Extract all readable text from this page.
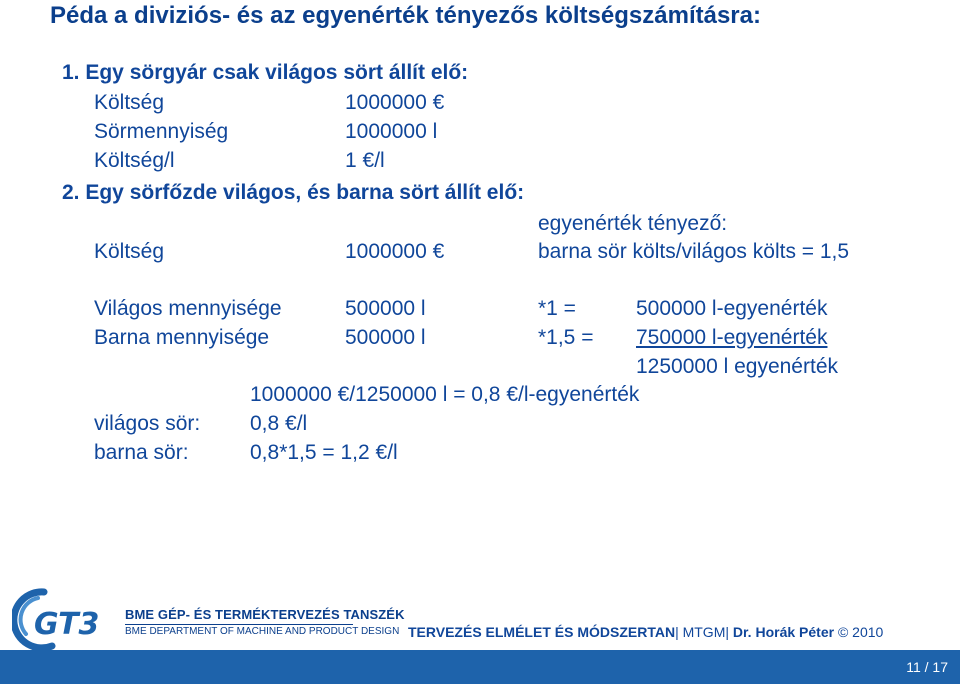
Péda a diviziós- és az egyenérték tényezős költségszámításra:
1. Egy sörgyár csak világos sört állít elő:
Költség	1000000 €
Sörmennyiség	1000000 l
Költség/l	1 €/l
2. Egy sörfőzde világos, és barna sört állít elő:
egyenérték tényező:
Költség	1000000 €	barna sör költs/világos költs = 1,5
Világos mennyisége	500000 l	*1 =	500000 l-egyenérték
Barna mennyisége	500000 l	*1,5 = 750000 l-egyenérték
1250000 l egyenérték
1000000 €/1250000 l = 0,8 €/l-egyenérték
világos sör: 0,8 €/l
barna sör:	0,8*1,5 = 1,2 €/l
GT3 BME GÉP- ÉS TERMÉKTERVEZÉS TANSZÉK
BME DEPARTMENT OF MACHINE AND PRODUCT DESIGN TERVEZÉS ELMÉLET ÉS MÓDSZERTAN| MTGM| Dr. Horák Péter © 2010
11 / 17
